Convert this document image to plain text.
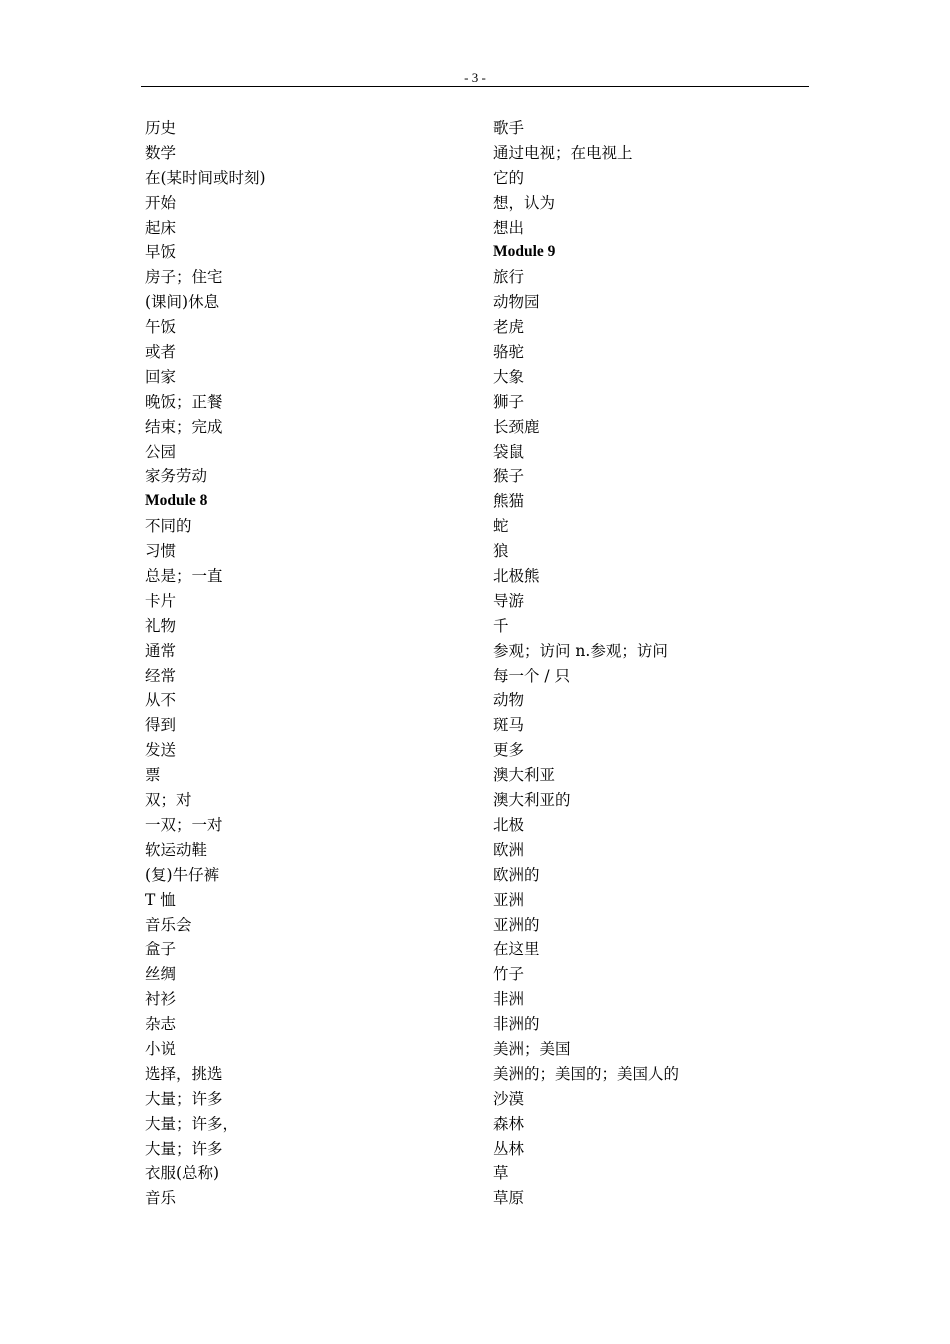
- 3 -
历史
数学
在(某时间或时刻)
开始
起床
早饭
房子；住宅
(课间)休息
午饭
或者
回家
晚饭；正餐
结束；完成
公园
家务劳动
Module 8
不同的
习惯
总是；一直
卡片
礼物
通常
经常
从不
得到
发送
票
双；对
一双；一对
软运动鞋
(复)牛仔裤
T 恤
音乐会
盒子
丝绸
衬衫
杂志
小说
选择，挑选
大量；许多
大量；许多，
大量；许多
衣服(总称)
音乐
歌手
通过电视；在电视上
它的
想，认为
想出
Module 9
旅行
动物园
老虎
骆驼
大象
狮子
长颈鹿
袋鼠
猴子
熊猫
蛇
狼
北极熊
导游
千
参观；访问 n.参观；访问
每一个 / 只
动物
斑马
更多
澳大利亚
澳大利亚的
北极
欧洲
欧洲的
亚洲
亚洲的
在这里
竹子
非洲
非洲的
美洲；美国
美洲的；美国的；美国人的
沙漠
森林
丛林
草
草原
